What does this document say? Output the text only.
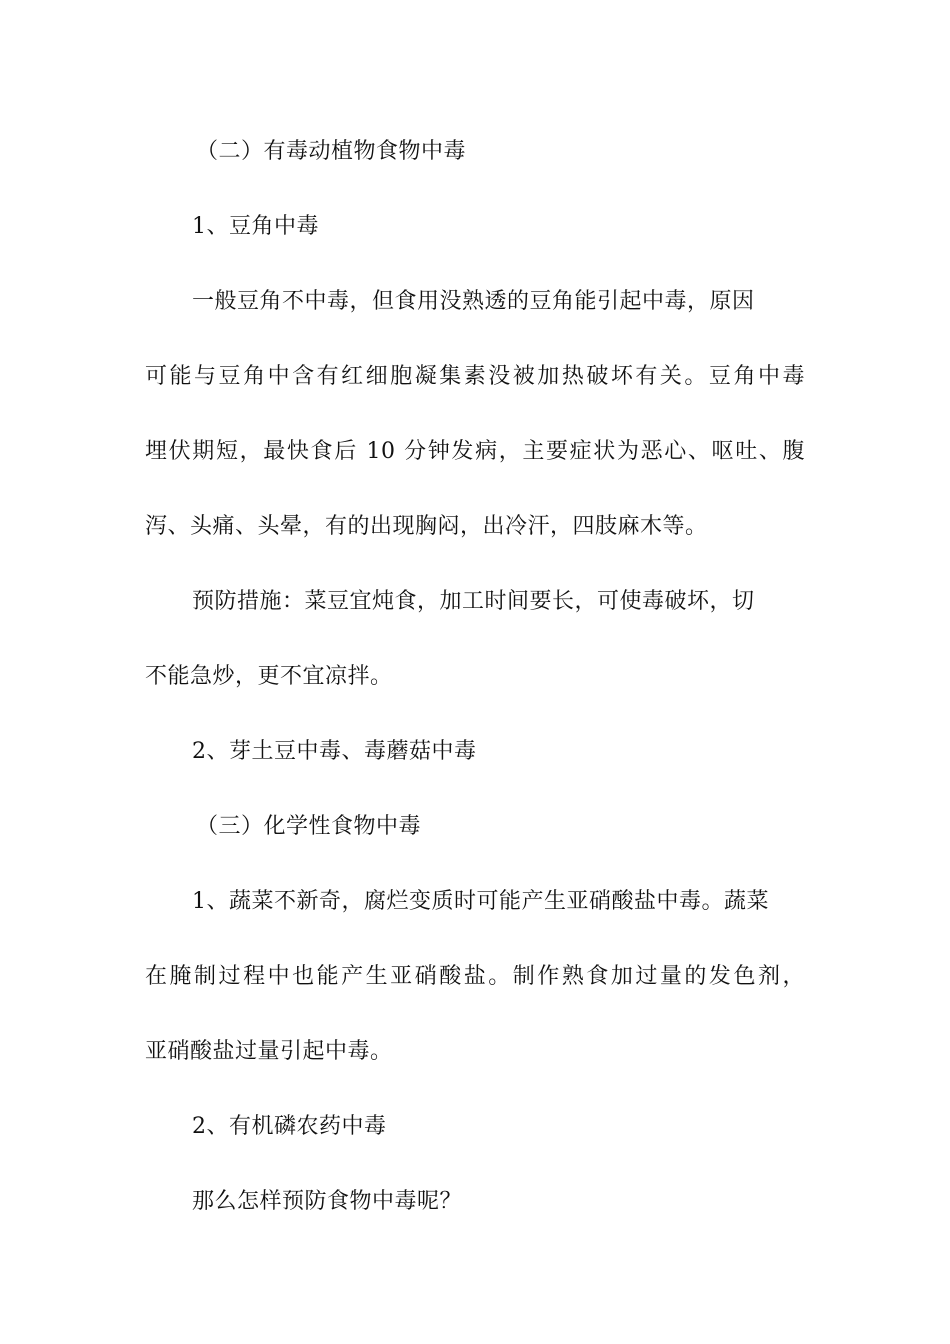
（二）有毒动植物食物中毒
1、豆角中毒
一般豆角不中毒，但食用没熟透的豆角能引起中毒，原因
可能与豆角中含有红细胞凝集素没被加热破坏有关。豆角中毒
埋伏期短，最快食后 10 分钟发病，主要症状为恶心、呕吐、腹
泻、头痛、头晕，有的出现胸闷，出冷汗，四肢麻木等。
预防措施：菜豆宜炖食，加工时间要长，可使毒破坏，切
不能急炒，更不宜凉拌。
2、芽土豆中毒、毒蘑菇中毒
（三）化学性食物中毒
1、蔬菜不新奇，腐烂变质时可能产生亚硝酸盐中毒。蔬菜
在腌制过程中也能产生亚硝酸盐。制作熟食加过量的发色剂，
亚硝酸盐过量引起中毒。
2、有机磷农药中毒
那么怎样预防食物中毒呢？
